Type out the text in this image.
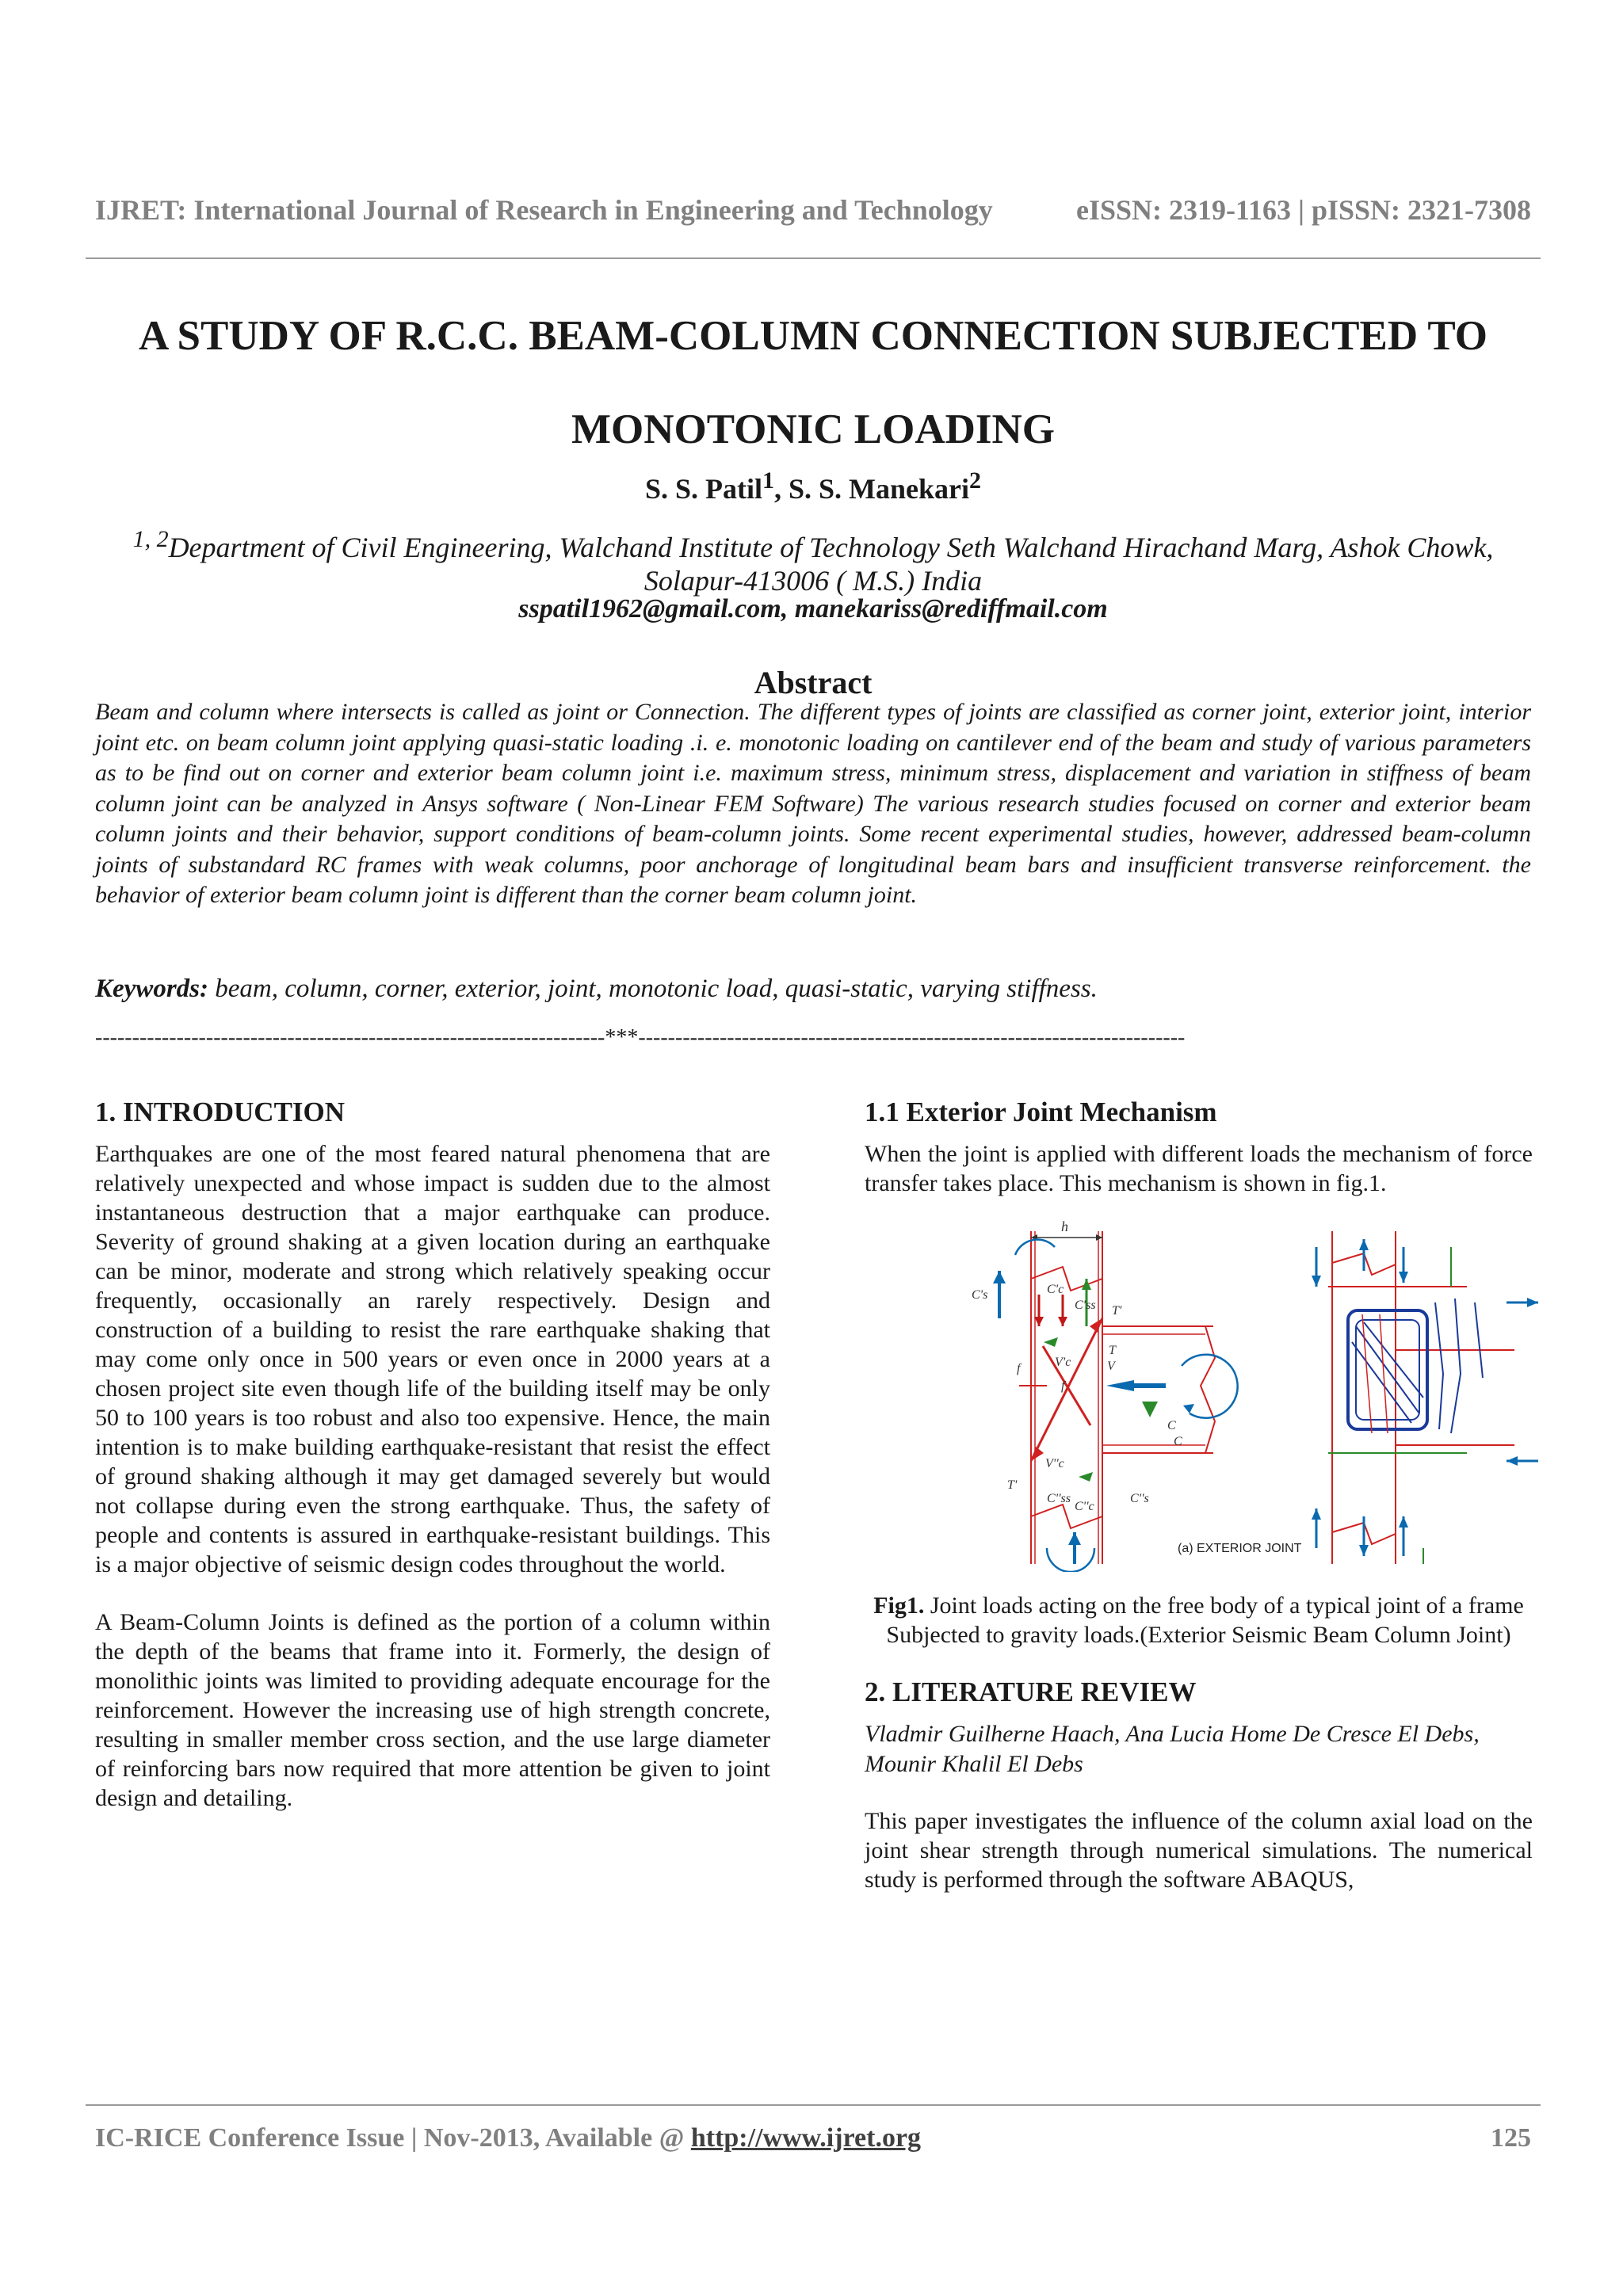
IJRET: International Journal of Research in Engineering and Technology	eISSN: 2319-1163 | pISSN: 2321-7308
A STUDY OF R.C.C. BEAM-COLUMN CONNECTION SUBJECTED TO
MONOTONIC LOADING
S. S. Patil$^1$, S. S. Manekari$^2$
$^{1, 2}$Department of Civil Engineering, Walchand Institute of Technology Seth Walchand Hirachand Marg, Ashok Chowk,
Solapur-413006 ( M.S.) India
sspatil1962@gmail.com, manekariss@rediffmail.com
Abstract
Beam and column where intersects is called as joint or Connection. The different types of joints are classified as corner joint, exterior joint, interior joint etc. on beam column joint applying quasi-static loading .i. e. monotonic loading on cantilever end of the beam and study of various parameters as to be find out on corner and exterior beam column joint i.e. maximum stress, minimum stress, displacement and variation in stiffness of beam column joint can be analyzed in Ansys software ( Non-Linear FEM Software) The various research studies focused on corner and exterior beam column joints and their behavior, support conditions of beam-column joints. Some recent experimental studies, however, addressed beam-column joints of substandard RC frames with weak columns, poor anchorage of longitudinal beam bars and insufficient transverse reinforcement. the behavior of exterior beam column joint is different than the corner beam column joint.
Keywords: beam, column, corner, exterior, joint, monotonic load, quasi-static, varying stiffness.
---------------------------------------------------------------------***--------------------------------------------------------------------------
1. INTRODUCTION

Earthquakes are one of the most feared natural phenomena that are relatively unexpected and whose impact is sudden due to the almost instantaneous destruction that a major earthquake can produce. Severity of ground shaking at a given location during an earthquake can be minor, moderate and strong which relatively speaking occur frequently, occasionally an rarely respectively. Design and construction of a building to resist the rare earthquake shaking that may come only once in 500 years or even once in 2000 years at a chosen project site even though life of the building itself may be only 50 to 100 years is too robust and also too expensive. Hence, the main intention is to make building earthquake-resistant that resist the effect of ground shaking although it may get damaged severely but would not collapse during even the strong earthquake. Thus, the safety of people and contents is assured in earthquake-resistant buildings. This is a major objective of seismic design codes throughout the world.

A Beam-Column Joints is defined as the portion of a column within the depth of the beams that frame into it. Formerly, the design of monolithic joints was limited to providing adequate encourage for the reinforcement. However the increasing use of high strength concrete, resulting in smaller member cross section, and the use large diameter of reinforcing bars now required that more attention be given to joint design and detailing.

1.1 Exterior Joint Mechanism

When the joint is applied with different loads the mechanism of force transfer takes place. This mechanism is shown in fig.1.

h
C's	C'c
C'ss T'
T
f	V'c	V
f
C
C
T'
C''ss
C''c
C''s
V''c
(a) EXTERIOR JOINT
Fig1. Joint loads acting on the free body of a typical joint of a frame Subjected to gravity loads.(Exterior Seismic Beam Column Joint)
2. LITERATURE REVIEW

Vladmir Guilherne Haach, Ana Lucia Home De Cresce El Debs, Mounir Khalil El Debs

This paper investigates the influence of the column axial load on the joint shear strength through numerical simulations. The numerical study is performed through the software ABAQUS,

IC-RICE Conference Issue | Nov-2013, Available @ http://www.ijret.org	125
